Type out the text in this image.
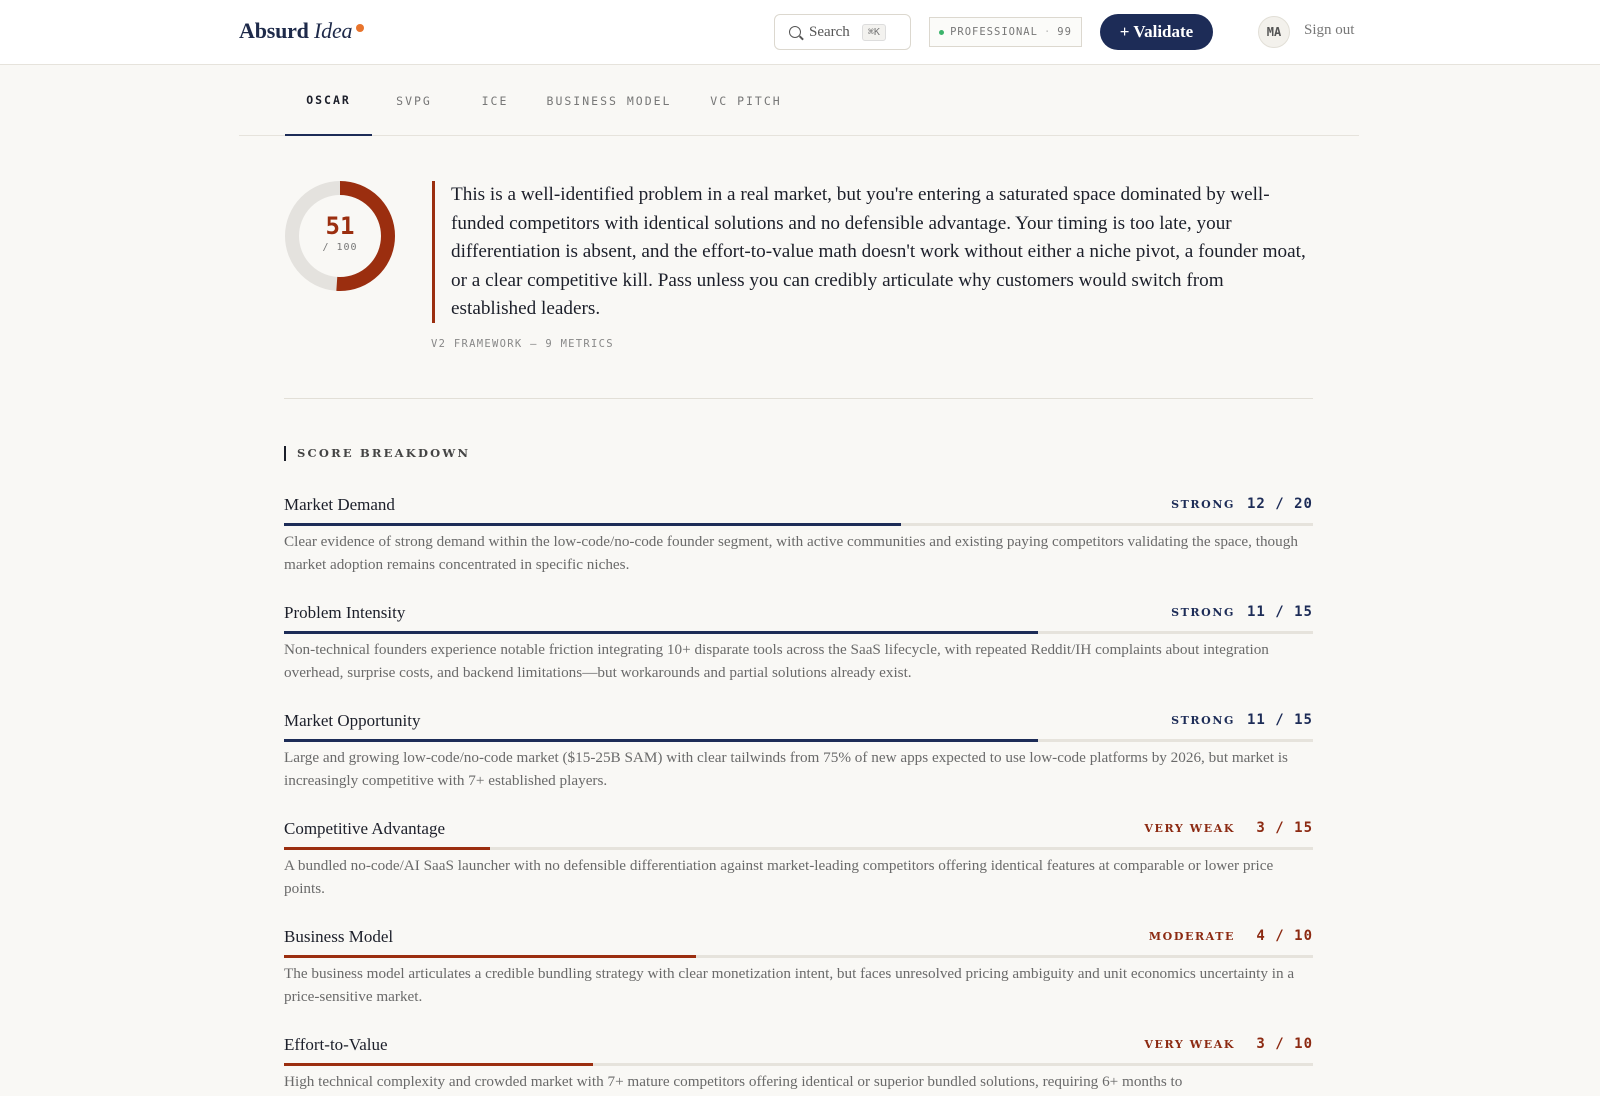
Absurd Idea	Search	⌘K	PROFESSIONAL · 99	+ Validate	MA	Sign out
OSCAR	SVPG	ICE	BUSINESS MODEL	VC PITCH
51
/ 100
This is a well-identified problem in a real market, but you're entering a saturated space dominated by well-funded competitors with identical solutions and no defensible advantage. Your timing is too late, your differentiation is absent, and the effort-to-value math doesn't work without either a niche pivot, a founder moat, or a clear competitive kill. Pass unless you can credibly articulate why customers would switch from established leaders.
V2 FRAMEWORK — 9 METRICS
SCORE BREAKDOWN
Market Demand	STRONG 12 / 20
Clear evidence of strong demand within the low-code/no-code founder segment, with active communities and existing paying competitors validating the space, though market adoption remains concentrated in specific niches.
Problem Intensity	STRONG 11 / 15
Non-technical founders experience notable friction integrating 10+ disparate tools across the SaaS lifecycle, with repeated Reddit/IH complaints about integration overhead, surprise costs, and backend limitations—but workarounds and partial solutions already exist.
Market Opportunity	STRONG 11 / 15
Large and growing low-code/no-code market ($15-25B SAM) with clear tailwinds from 75% of new apps expected to use low-code platforms by 2026, but market is increasingly competitive with 7+ established players.
Competitive Advantage	VERY WEAK 3 / 15
A bundled no-code/AI SaaS launcher with no defensible differentiation against market-leading competitors offering identical features at comparable or lower price points.
Business Model	MODERATE 4 / 10
The business model articulates a credible bundling strategy with clear monetization intent, but faces unresolved pricing ambiguity and unit economics uncertainty in a price-sensitive market.
Effort-to-Value	VERY WEAK 3 / 10
High technical complexity and crowded market with 7+ mature competitors offering identical or superior bundled solutions, requiring 6+ months to
